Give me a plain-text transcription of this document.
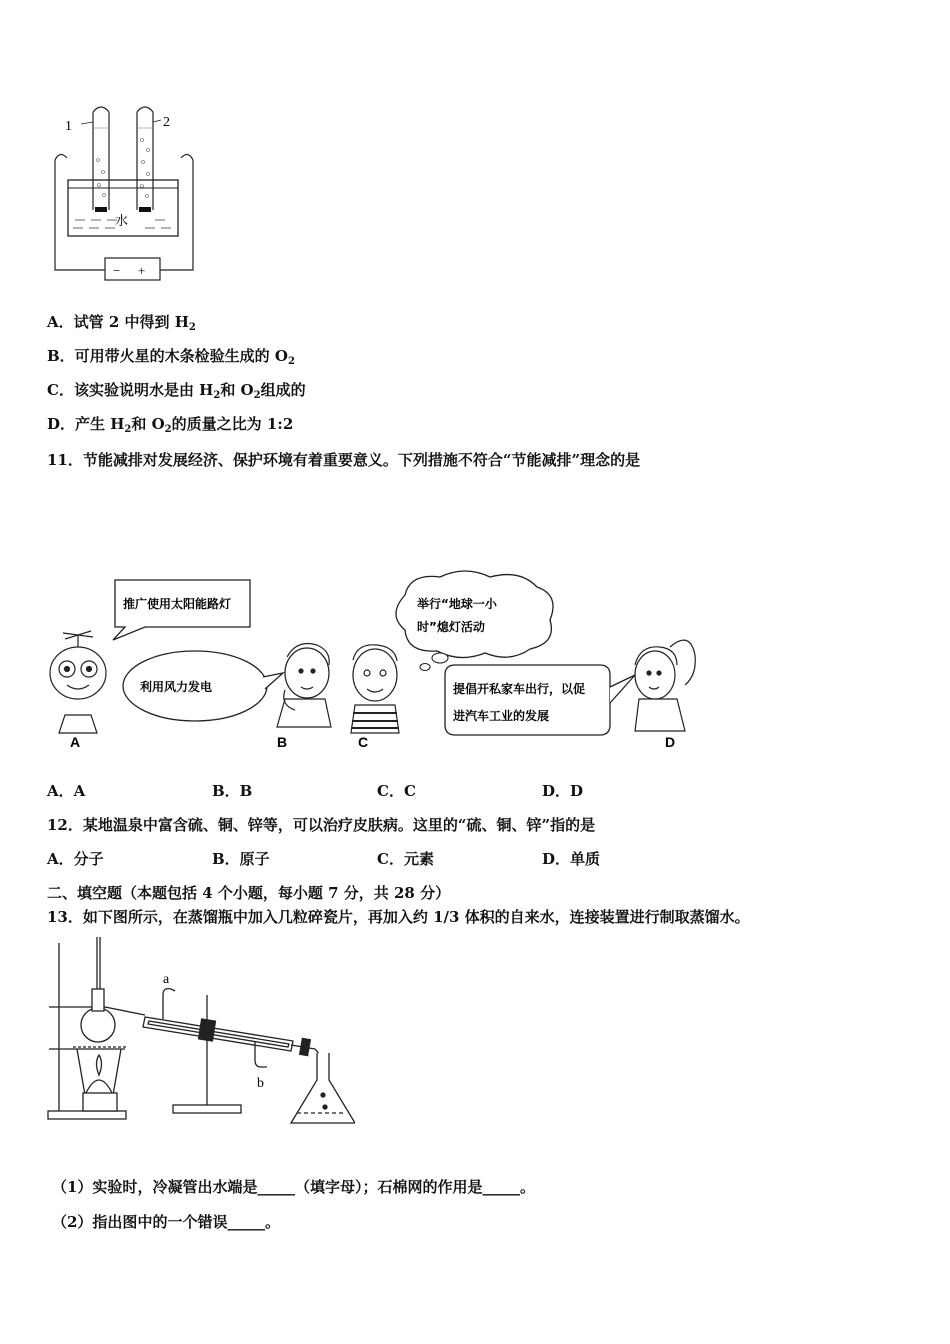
1	2
水
− +
A．试管 2 中得到 $H_2$
B．可用带火星的木条检验生成的 $O_2$
C．该实验说明水是由 $H_2$和 $O_2$组成的
D．产生 $H_2$和 $O_2$的质量之比为 1:2
11．节能减排对发展经济、保护环境有着重要意义。下列措施不符合“节能减排”理念的是
推广使用太阳能路灯
利用风力发电
举行“地球一小
时”熄灯活动
提倡开私家车出行，以促
进汽车工业的发展
A	B	C	D
A．A	B．B	C．C	D．D
12．某地温泉中富含硫、铜、锌等，可以治疗皮肤病。这里的“硫、铜、锌”指的是
A．分子	B．原子	C．元素	D．单质
二、填空题（本题包括 4 个小题，每小题 7 分，共 28 分）
13．如下图所示，在蒸馏瓶中加入几粒碎瓷片，再加入约 1/3 体积的自来水，连接装置进行制取蒸馏水。
a
b
（1）实验时，冷凝管出水端是_____（填字母）；石棉网的作用是_____。
（2）指出图中的一个错误_____。
